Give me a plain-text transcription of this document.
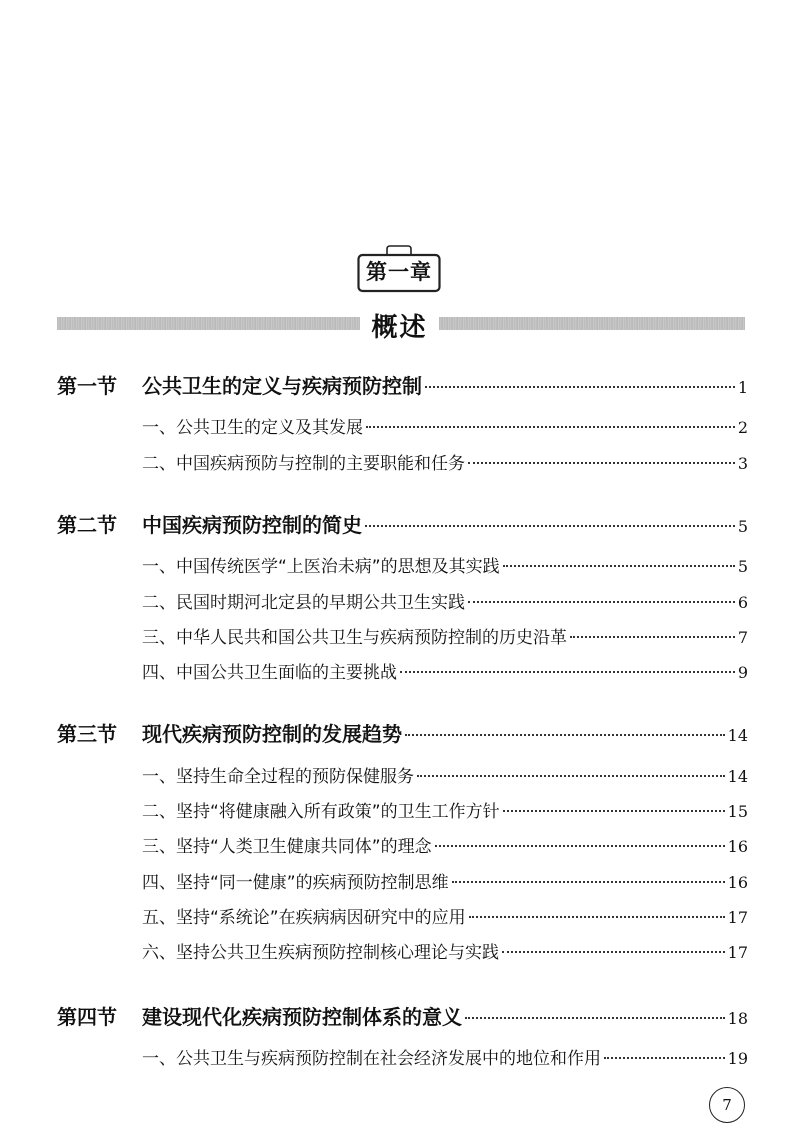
第一章
概述
第一节	公共卫生的定义与疾病预防控制	1
一、公共卫生的定义及其发展	2
二、中国疾病预防与控制的主要职能和任务	3
第二节	中国疾病预防控制的简史	5
一、中国传统医学“上医治未病”的思想及其实践	5
二、民国时期河北定县的早期公共卫生实践	6
三、中华人民共和国公共卫生与疾病预防控制的历史沿革	7
四、中国公共卫生面临的主要挑战	9
第三节	现代疾病预防控制的发展趋势	14
一、坚持生命全过程的预防保健服务	14
二、坚持“将健康融入所有政策”的卫生工作方针	15
三、坚持“人类卫生健康共同体”的理念	16
四、坚持“同一健康”的疾病预防控制思维	16
五、坚持“系统论”在疾病病因研究中的应用	17
六、坚持公共卫生疾病预防控制核心理论与实践	17
第四节	建设现代化疾病预防控制体系的意义	18
一、公共卫生与疾病预防控制在社会经济发展中的地位和作用	19
7
